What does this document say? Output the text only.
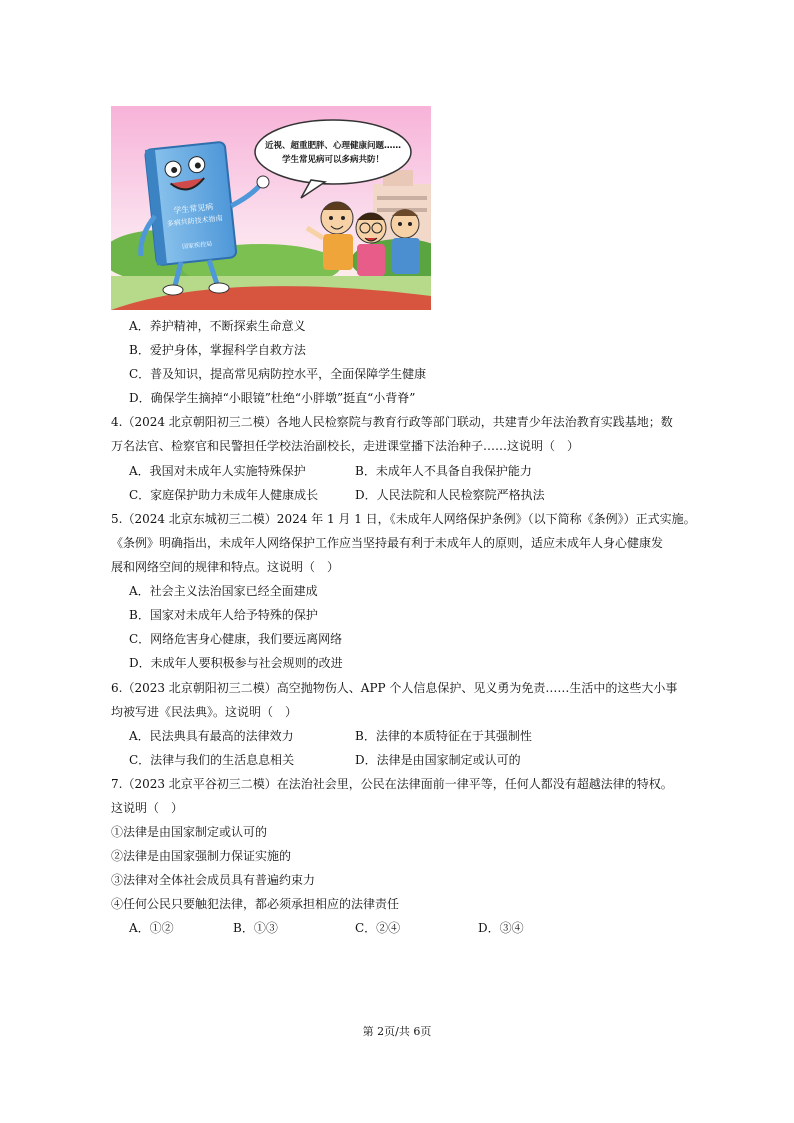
学生常见病
多病共防技术指南
国家疾控局
近视、超重肥胖、心理健康问题……
学生常见病可以多病共防！
A．养护精神，不断探索生命意义
B．爱护身体，掌握科学自救方法
C．普及知识，提高常见病防控水平，全面保障学生健康
D．确保学生摘掉“小眼镜”杜绝“小胖墩”挺直“小背脊”
4.（2024 北京朝阳初三二模）各地人民检察院与教育行政等部门联动，共建青少年法治教育实践基地；数
万名法官、检察官和民警担任学校法治副校长，走进课堂播下法治种子……这说明（　）
A．我国对未成年人实施特殊保护	B．未成年人不具备自我保护能力
C．家庭保护助力未成年人健康成长	D．人民法院和人民检察院严格执法
5.（2024 北京东城初三二模）2024 年 1 月 1 日，《未成年人网络保护条例》（以下简称《条例》）正式实施。
《条例》明确指出，未成年人网络保护工作应当坚持最有利于未成年人的原则，适应未成年人身心健康发
展和网络空间的规律和特点。这说明（　）
A．社会主义法治国家已经全面建成
B．国家对未成年人给予特殊的保护
C．网络危害身心健康，我们要远离网络
D．未成年人要积极参与社会规则的改进
6.（2023 北京朝阳初三二模）高空抛物伤人、APP 个人信息保护、见义勇为免责……生活中的这些大小事
均被写进《民法典》。这说明（　）
A．民法典具有最高的法律效力	B．法律的本质特征在于其强制性
C．法律与我们的生活息息相关	D．法律是由国家制定或认可的
7.（2023 北京平谷初三二模）在法治社会里，公民在法律面前一律平等，任何人都没有超越法律的特权。
这说明（　）
①法律是由国家制定或认可的
②法律是由国家强制力保证实施的
③法律对全体社会成员具有普遍约束力
④任何公民只要触犯法律，都必须承担相应的法律责任
A．①②	B．①③	C．②④	D．③④
第 2页/共 6页
